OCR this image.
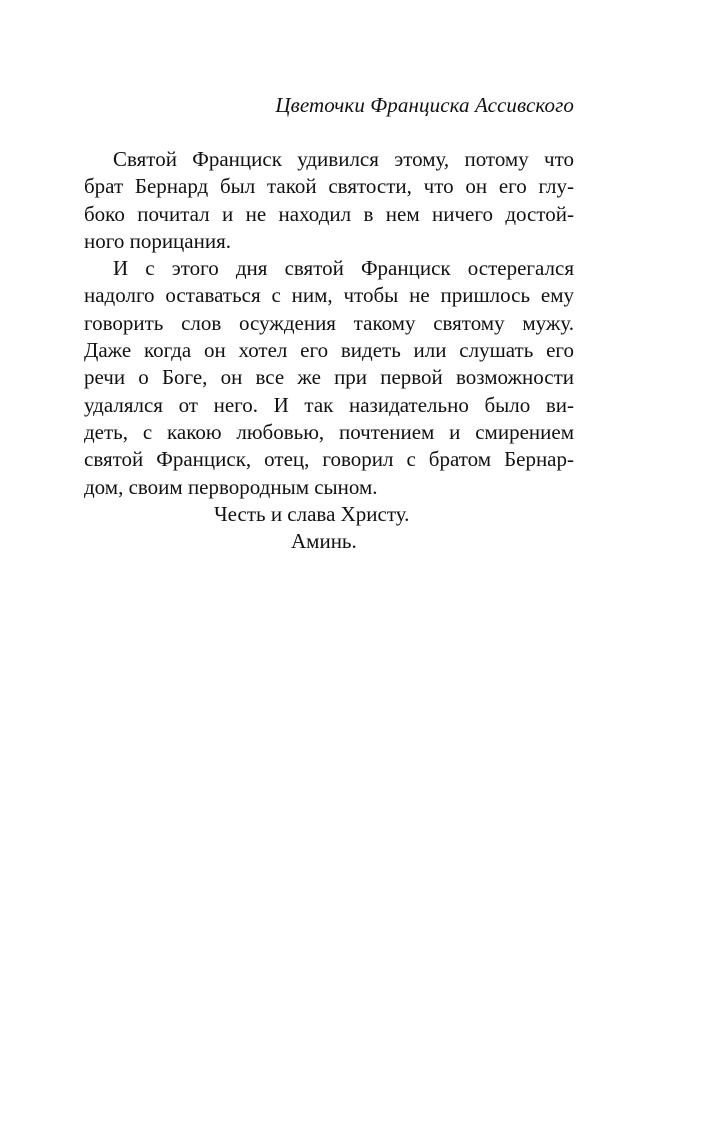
Цветочки Франциска Ассивского
Святой Франциск удивился этому, потому что
брат Бернард был такой святости, что он его глу-
боко почитал и не находил в нем ничего достой-
ного порицания.
И с этого дня святой Франциск остерегался
надолго оставаться с ним, чтобы не пришлось ему
говорить слов осуждения такому святому мужу.
Даже когда он хотел его видеть или слушать его
речи о Боге, он все же при первой возможности
удалялся от него. И так назидательно было ви-
деть, с какою любовью, почтением и смирением
святой Франциск, отец, говорил с братом Бернар-
дом, своим первородным сыном.
Честь и слава Христу.
Аминь.
